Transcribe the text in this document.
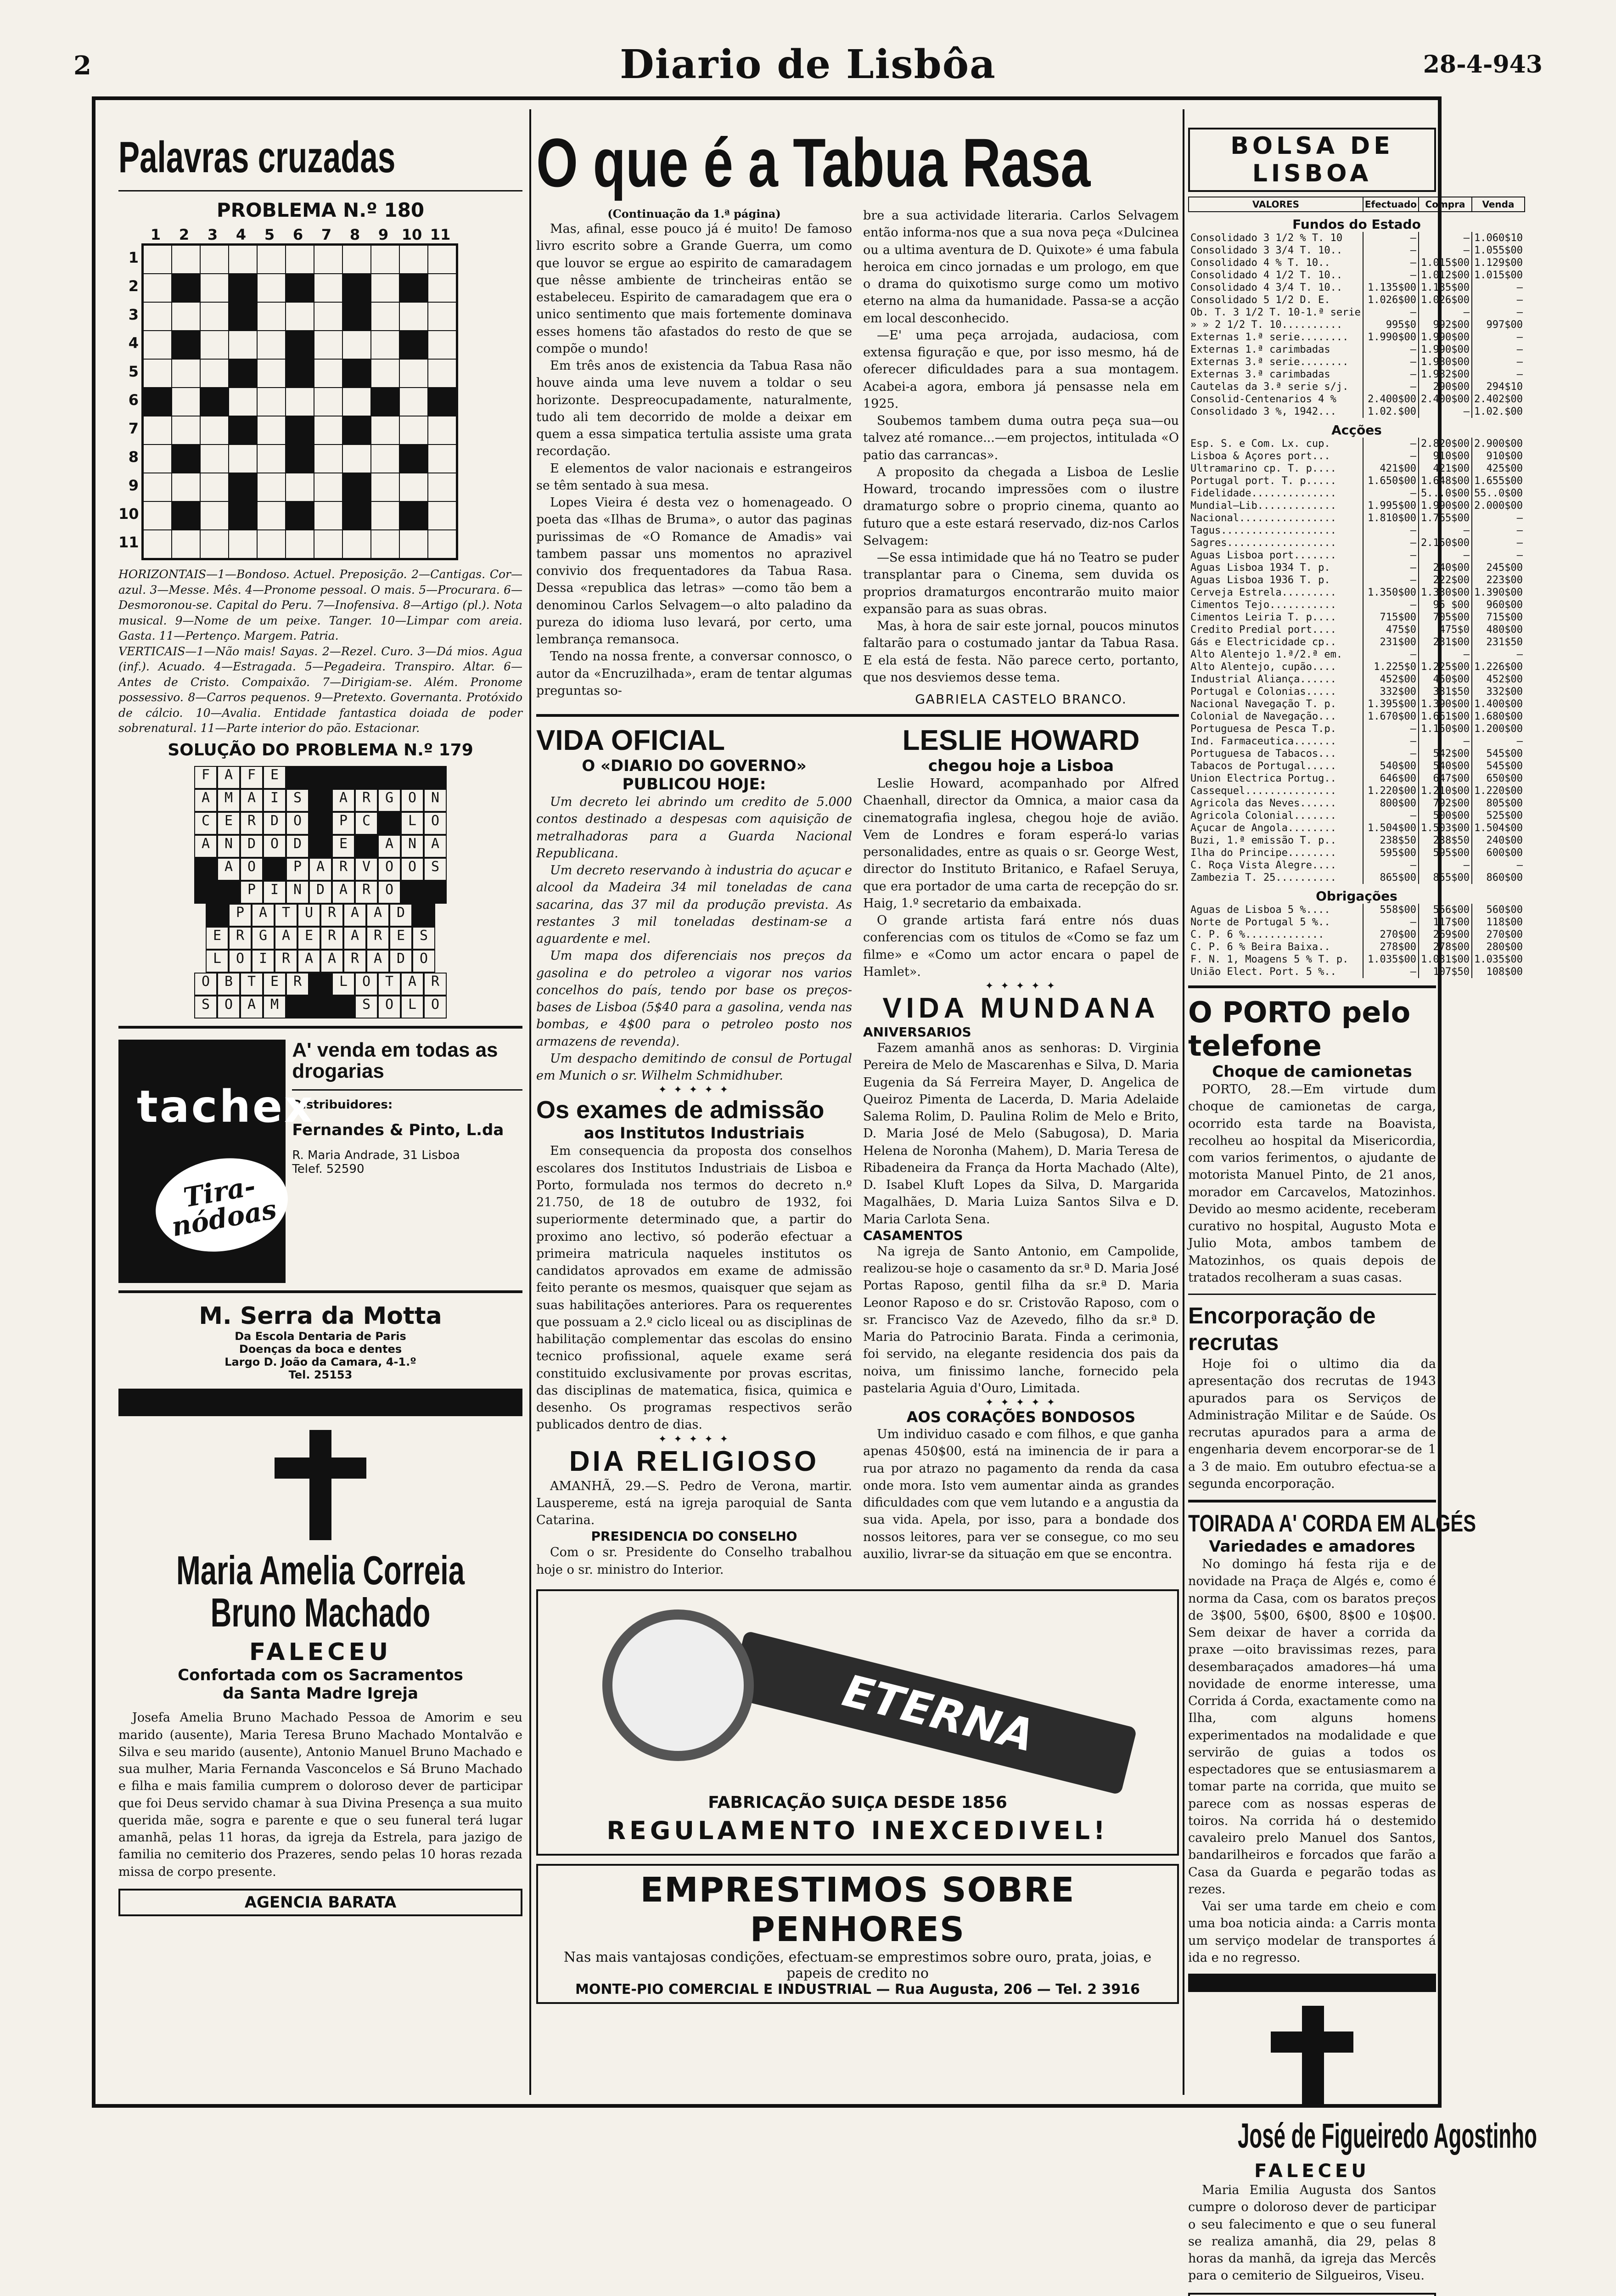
2	Diario de Lisbôa	28-4-943
Palavras cruzadas
PROBLEMA N.º 180
1	2	3	4	5	6	7	8	9 10 11
1
2
3
4
5
6
7
8
9
10
11

HORIZONTAIS—1—Bondoso. Actuel. Preposição. 2—Cantigas. Cor—azul. 3—Messe. Mês. 4—Pronome pessoal. O mais. 5—Procurara. 6—Desmoronou-se. Capital do Peru. 7—Inofensiva. 8—Artigo (pl.). Nota musical. 9—Nome de um peixe. Tanger. 10—Limpar com areia. Gasta. 11—Pertenço. Margem. Patria.

VERTICAIS—1—Não mais! Sayas. 2—Rezel. Curo. 3—Dá mios. Agua (inf.). Acuado. 4—Estragada. 5—Pegadeira. Transpiro. Altar. 6—Antes de Cristo. Compaixão. 7—Dirigiam-se. Além. Pronome possessivo. 8—Carros pequenos. 9—Pretexto. Governanta. Protóxido de cálcio. 10—Avalia. Entidade fantastica doiada de poder sobrenatural. 11—Parte interior do pão. Estacionar.

SOLUÇÃO DO PROBLEMA N.º 179
F	A	F	E
A	M	A	I	S	A	R	G	O	N
C	E	R	D	O	P	C	L	O
A	N	D	O	D	E	A	N	A
A	O	P	A	R	V	O	O	S
P	I	N	D	A	R	O
P	A	T	U	R	A	A	D
E	R	G	A	E	R	A	R	E	S
L	O	I	R	A	A	R	A	D	O
O	B	T	E	R	L	O	T	A	R
S	O	A	M	S	O	L	O
tachex
Tira-nódoas
A' venda em todas as drogarias
Distribuidores:
Fernandes & Pinto, L.da
R. Maria Andrade, 31 Lisboa
Telef. 52590
M. Serra da Motta
Da Escola Dentaria de Paris
Doenças da boca e dentes
Largo D. João da Camara, 4-1.º
Tel. 25153
Maria Amelia Correia
Bruno Machado
FALECEU
Confortada com os Sacramentos
da Santa Madre Igreja

Josefa Amelia Bruno Machado Pessoa de Amorim e seu marido (ausente), Maria Teresa Bruno Machado Montalvão e Silva e seu marido (ausente), Antonio Manuel Bruno Machado e sua mulher, Maria Fernanda Vasconcelos e Sá Bruno Machado e filha e mais familia cumprem o doloroso dever de participar que foi Deus servido chamar à sua Divina Presença a sua muito querida mãe, sogra e parente e que o seu funeral terá lugar amanhã, pelas 11 horas, da igreja da Estrela, para jazigo de familia no cemiterio dos Prazeres, sendo pelas 10 horas rezada missa de corpo presente.

AGENCIA BARATA
O que é a Tabua Rasa
(Continuação da 1.ª página)

Mas, afinal, esse pouco já é muito! De famoso livro escrito sobre a Grande Guerra, um como que louvor se ergue ao espirito de camaradagem que nêsse ambiente de trincheiras então se estabeleceu. Espirito de camaradagem que era o unico sentimento que mais fortemente dominava esses homens tão afastados do resto de que se compõe o mundo!

Em três anos de existencia da Tabua Rasa não houve ainda uma leve nuvem a toldar o seu horizonte. Despreocupadamente, naturalmente, tudo ali tem decorrido de molde a deixar em quem a essa simpatica tertulia assiste uma grata recordação.

E elementos de valor nacionais e estrangeiros se têm sentado à sua mesa.

Lopes Vieira é desta vez o homenageado. O poeta das «Ilhas de Bruma», o autor das paginas purissimas de «O Romance de Amadis» vai tambem passar uns momentos no aprazivel convivio dos frequentadores da Tabua Rasa. Dessa «republica das letras» —como tão bem a denominou Carlos Selvagem—o alto paladino da pureza do idioma luso levará, por certo, uma lembrança remansoca.

Tendo na nossa frente, a conversar connosco, o autor da «Encruzilhada», eram de tentar algumas preguntas so-

bre a sua actividade literaria. Carlos Selvagem então informa-nos que a sua nova peça «Dulcinea ou a ultima aventura de D. Quixote» é uma fabula heroica em cinco jornadas e um prologo, em que o drama do quixotismo surge como um motivo eterno na alma da humanidade. Passa-se a acção em local desconhecido.

—E' uma peça arrojada, audaciosa, com extensa figuração e que, por isso mesmo, há de oferecer dificuldades para a sua montagem. Acabei-a agora, embora já pensasse nela em 1925.

Soubemos tambem duma outra peça sua—ou talvez até romance...—em projectos, intitulada «O patio das carrancas».

A proposito da chegada a Lisboa de Leslie Howard, trocando impressões com o ilustre dramaturgo sobre o proprio cinema, quanto ao futuro que a este estará reservado, diz-nos Carlos Selvagem:

—Se essa intimidade que há no Teatro se puder transplantar para o Cinema, sem duvida os proprios dramaturgos encontrarão muito maior expansão para as suas obras.

Mas, à hora de sair este jornal, poucos minutos faltarão para o costumado jantar da Tabua Rasa. E ela está de festa. Não parece certo, portanto, que nos desviemos desse tema.

GABRIELA CASTELO BRANCO.
VIDA OFICIAL
O «DIARIO DO GOVERNO»
PUBLICOU HOJE:

Um decreto lei abrindo um credito de 5.000 contos destinado a despesas com aquisição de metralhadoras para a Guarda Nacional Republicana.

Um decreto reservando à industria do açucar e alcool da Madeira 34 mil toneladas de cana sacarina, das 37 mil da produção prevista. As restantes 3 mil toneladas destinam-se a aguardente e mel.

Um mapa dos diferenciais nos preços da gasolina e do petroleo a vigorar nos varios concelhos do país, tendo por base os preços-bases de Lisboa (5$40 para a gasolina, venda nas bombas, e 4$00 para o petroleo posto nos armazens de revenda).

Um despacho demitindo de consul de Portugal em Munich o sr. Wilhelm Schmidhuber.

✦ ✦ ✦ ✦ ✦
Os exames de admissão
aos Institutos Industriais

Em consequencia da proposta dos conselhos escolares dos Institutos Industriais de Lisboa e Porto, formulada nos termos do decreto n.º 21.750, de 18 de outubro de 1932, foi superiormente determinado que, a partir do proximo ano lectivo, só poderão efectuar a primeira matricula naqueles institutos os candidatos aprovados em exame de admissão feito perante os mesmos, quaisquer que sejam as suas habilitações anteriores. Para os requerentes que possuam a 2.º ciclo liceal ou as disciplinas de habilitação complementar das escolas do ensino tecnico profissional, aquele exame será constituido exclusivamente por provas escritas, das disciplinas de matematica, fisica, quimica e desenho. Os programas respectivos serão publicados dentro de dias.

✦ ✦ ✦ ✦ ✦
DIA RELIGIOSO

AMANHÃ, 29.—S. Pedro de Verona, martir. Lauspereme, está na igreja paroquial de Santa Catarina.

PRESIDENCIA DO CONSELHO

Com o sr. Presidente do Conselho trabalhou hoje o sr. ministro do Interior.

LESLIE HOWARD
chegou hoje a Lisboa

Leslie Howard, acompanhado por Alfred Chaenhall, director da Omnica, a maior casa da cinematografia inglesa, chegou hoje de avião. Vem de Londres e foram esperá-lo varias personalidades, entre as quais o sr. George West, director do Instituto Britanico, e Rafael Seruya, que era portador de uma carta de recepção do sr. Haig, 1.º secretario da embaixada.

O grande artista fará entre nós duas conferencias com os titulos de «Como se faz um filme» e «Como um actor encara o papel de Hamlet».

✦ ✦ ✦ ✦ ✦
VIDA MUNDANA
ANIVERSARIOS

Fazem amanhã anos as senhoras: D. Virginia Pereira de Melo de Mascarenhas e Silva, D. Maria Eugenia da Sá Ferreira Mayer, D. Angelica de Queiroz Pimenta de Lacerda, D. Maria Adelaide Salema Rolim, D. Paulina Rolim de Melo e Brito, D. Maria José de Melo (Sabugosa), D. Maria Helena de Noronha (Mahem), D. Maria Teresa de Ribadeneira da França da Horta Machado (Alte), D. Isabel Kluft Lopes da Silva, D. Margarida Magalhães, D. Maria Luiza Santos Silva e D. Maria Carlota Sena.

CASAMENTOS

Na igreja de Santo Antonio, em Campolide, realizou-se hoje o casamento da sr.ª D. Maria José Portas Raposo, gentil filha da sr.ª D. Maria Leonor Raposo e do sr. Cristovão Raposo, com o sr. Francisco Vaz de Azevedo, filho da sr.ª D. Maria do Patrocinio Barata. Finda a cerimonia, foi servido, na elegante residencia dos pais da noiva, um finissimo lanche, fornecido pela pastelaria Aguia d'Ouro, Limitada.

✦ ✦ ✦ ✦ ✦
AOS CORAÇÕES BONDOSOS

Um individuo casado e com filhos, e que ganha apenas 450$00, está na iminencia de ir para a rua por atrazo no pagamento da renda da casa onde mora. Isto vem aumentar ainda as grandes dificuldades com que vem lutando e a angustia da sua vida. Apela, por isso, para a bondade dos nossos leitores, para ver se consegue, co mo seu auxilio, livrar-se da situação em que se encontra.

ETERNA
FABRICAÇÃO SUIÇA DESDE 1856
REGULAMENTO INEXCEDIVEL!
EMPRESTIMOS SOBRE PENHORES
Nas mais vantajosas condições, efectuam-se emprestimos sobre ouro, prata, joias, e papeis de credito no
MONTE-PIO COMERCIAL E INDUSTRIAL — Rua Augusta, 206 — Tel. 2 3916
BOLSA DE LISBOA
VALORES	Efectuado	Compra	Venda
Fundos do Estado			
Consolidado 3 1/2 % T. 10	—	—	1.060$10
Consolidado 3 3/4 T. 10..	—	—	1.055$00
Consolidado 4 % T. 10..	—	1.015$00	1.129$00
Consolidado 4 1/2 T. 10..	—	1.012$00	1.015$00
Consolidado 4 3/4 T. 10..	1.135$00	1.135$00	—
Consolidado 5 1/2 D. E.	1.026$00	1.026$00	—
Ob. T. 3 1/2 T. 10-1.ª serie	—	—	—
» » 2 1/2 T. 10..........	995$0	992$00	997$00
Externas 1.ª serie........	1.990$00	1.990$00	—
Externas 1.ª carimbadas	—	1.990$00	—
Externas 3.ª serie........	—	1.980$00	—
Externas 3.ª carimbadas	—	1.982$00	—
Cautelas da 3.ª serie s/j.	—	290$00	294$10
Consolid-Centenarios 4 %	2.400$00	2.400$00	2.402$00
Consolidado 3 %, 1942...	1.02.$00	—	1.02.$00
Acções			
Esp. S. e Com. Lx. cup.	—	2.820$00	2.900$00
Lisboa & Açores port...	—	910$00	910$00
Ultramarino cp. T. p....	421$00	421$00	425$00
Portugal port. T. p.....	1.650$00	1.648$00	1.655$00
Fidelidade..............	—	5...0$00	55..0$00
Mundial—Lib.............	1.995$00	1.990$00	2.000$00
Nacional................	1.810$00	1.765$00	—
Tagus...................	—	—	—
Sagres..................	—	2.150$00	—
Aguas Lisboa port.......	—	—	—
Aguas Lisboa 1934 T. p.	—	240$00	245$00
Aguas Lisboa 1936 T. p.	—	222$00	223$00
Cerveja Estrela.........	1.350$00	1.330$00	1.390$00
Cimentos Tejo...........	—	95 $00	960$00
Cimentos Leiria T. p....	715$00	705$00	715$00
Credito Predial port....	475$0	475$0	480$00
Gás e Electricidade cp..	231$00	231$00	231$50
Alto Alentejo 1.ª/2.ª em.	—	—	—
Alto Alentejo, cupão....	1.225$0	1.225$00	1.226$00
Industrial Aliança......	452$00	450$00	452$00
Portugal e Colonias.....	332$00	331$50	332$00
Nacional Navegação T. p.	1.395$00	1.390$00	1.400$00
Colonial de Navegação...	1.670$00	1.661$00	1.680$00
Portuguesa de Pesca T.p.	—	1.150$00	1.200$00
Ind. Farmaceutica.......	—	—	—
Portuguesa de Tabacos...	—	542$00	545$00
Tabacos de Portugal.....	540$00	540$00	545$00
Union Electrica Portug..	646$00	647$00	650$00
Cassequel...............	1.220$00	1.210$00	1.220$00
Agricola das Neves......	800$00	792$00	805$00
Agricola Colonial.......	—	500$00	525$00
Açucar de Angola........	1.504$00	1.503$00	1.504$00
Buzi, 1.ª emissão T. p..	238$50	238$50	240$00
Ilha do Principe........	595$00	595$00	600$00
C. Roça Vista Alegre....	—	—	—
Zambezia T. 25..........	865$00	855$00	860$00
Obrigações			
Aguas de Lisboa 5 %....	558$00	556$00	560$00
Norte de Portugal 5 %..	—	117$00	118$00
C. P. 6 %.............	270$00	269$00	270$00
C. P. 6 % Beira Baixa..	278$00	278$00	280$00
F. N. 1, Moagens 5 % T. p.	1.035$00	1.031$00	1.035$00
União Elect. Port. 5 %..	—	107$50	108$00
O PORTO pelo telefone
Choque de camionetas

PORTO, 28.—Em virtude dum choque de camionetas de carga, ocorrido esta tarde na Boavista, recolheu ao hospital da Misericordia, com varios ferimentos, o ajudante de motorista Manuel Pinto, de 21 anos, morador em Carcavelos, Matozinhos. Devido ao mesmo acidente, receberam curativo no hospital, Augusto Mota e Julio Mota, ambos tambem de Matozinhos, os quais depois de tratados recolheram a suas casas.

Encorporação de recrutas

Hoje foi o ultimo dia da apresentação dos recrutas de 1943 apurados para os Serviços de Administração Militar e de Saúde. Os recrutas apurados para a arma de engenharia devem encorporar-se de 1 a 3 de maio. Em outubro efectua-se a segunda encorporação.

TOIRADA A' CORDA EM ALGÉS
Variedades e amadores

No domingo há festa rija e de novidade na Praça de Algés e, como é norma da Casa, com os baratos preços de 3$00, 5$00, 6$00, 8$00 e 10$00. Sem deixar de haver a corrida da praxe —oito bravissimas rezes, para desembaraçados amadores—há uma novidade de enorme interesse, uma Corrida á Corda, exactamente como na Ilha, com alguns homens experimentados na modalidade e que servirão de guias a todos os espectadores que se entusiasmarem a tomar parte na corrida, que muito se parece com as nossas esperas de toiros. Na corrida há o destemido cavaleiro prelo Manuel dos Santos, bandarilheiros e forcados que farão a Casa da Guarda e pegarão todas as rezes.

Vai ser uma tarde em cheio e com uma boa noticia ainda: a Carris monta um serviço modelar de transportes á ida e no regresso.

José de Figueiredo Agostinho
FALECEU

Maria Emilia Augusta dos Santos cumpre o doloroso dever de participar o seu falecimento e que o seu funeral se realiza amanhã, dia 29, pelas 8 horas da manhã, da igreja das Mercês para o cemiterio de Silgueiros, Viseu.
